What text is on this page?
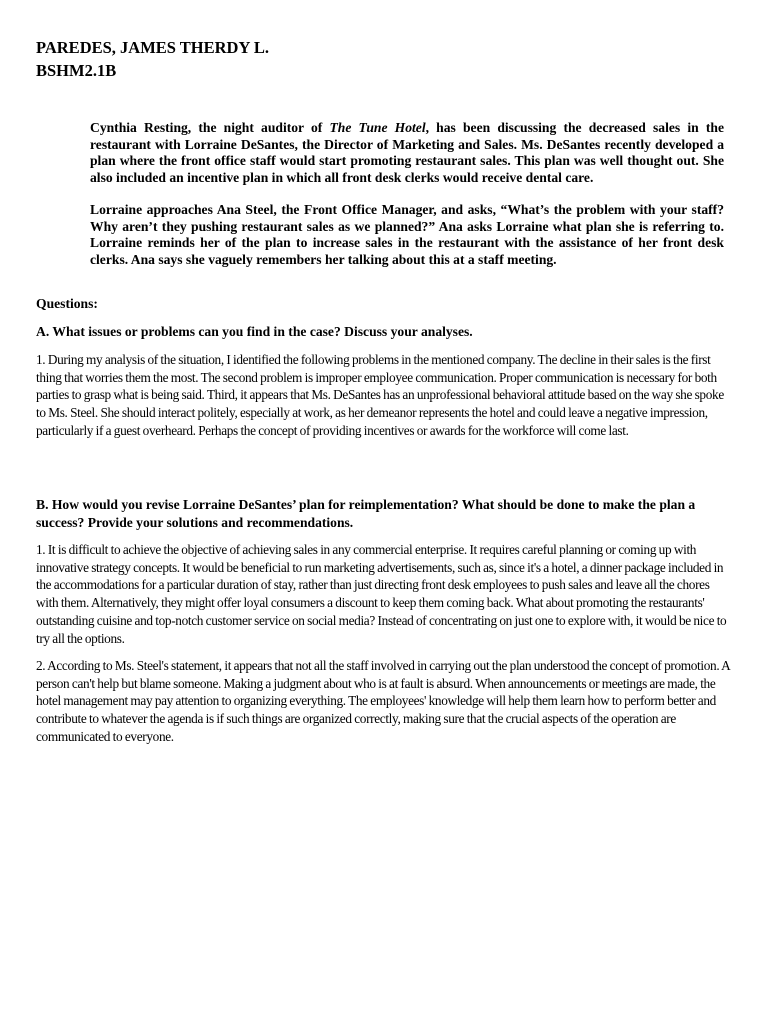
PAREDES, JAMES THERDY L.
BSHM2.1B

Cynthia Resting, the night auditor of The Tune Hotel, has been discussing the decreased sales in the restaurant with Lorraine DeSantes, the Director of Marketing and Sales. Ms. DeSantes recently developed a plan where the front office staff would start promoting restaurant sales. This plan was well thought out. She also included an incentive plan in which all front desk clerks would receive dental care.

Lorraine approaches Ana Steel, the Front Office Manager, and asks, “What’s the problem with your staff? Why aren’t they pushing restaurant sales as we planned?” Ana asks Lorraine what plan she is referring to. Lorraine reminds her of the plan to increase sales in the restaurant with the assistance of her front desk clerks. Ana says she vaguely remembers her talking about this at a staff meeting.

Questions:
A. What issues or problems can you find in the case? Discuss your analyses.

1. During my analysis of the situation, I identified the following problems in the mentioned company. The decline in their sales is the first thing that worries them the most. The second problem is improper employee communication. Proper communication is necessary for both parties to grasp what is being said. Third, it appears that Ms. DeSantes has an unprofessional behavioral attitude based on the way she spoke to Ms. Steel. She should interact politely, especially at work, as her demeanor represents the hotel and could leave a negative impression, particularly if a guest overheard. Perhaps the concept of providing incentives or awards for the workforce will come last.

B. How would you revise Lorraine DeSantes’ plan for reimplementation? What should be done to make the plan a success? Provide your solutions and recommendations.

1. It is difficult to achieve the objective of achieving sales in any commercial enterprise. It requires careful planning or coming up with innovative strategy concepts. It would be beneficial to run marketing advertisements, such as, since it's a hotel, a dinner package included in the accommodations for a particular duration of stay, rather than just directing front desk employees to push sales and leave all the chores with them. Alternatively, they might offer loyal consumers a discount to keep them coming back. What about promoting the restaurants' outstanding cuisine and top-notch customer service on social media? Instead of concentrating on just one to explore with, it would be nice to try all the options.

2. According to Ms. Steel's statement, it appears that not all the staff involved in carrying out the plan understood the concept of promotion. A person can't help but blame someone. Making a judgment about who is at fault is absurd. When announcements or meetings are made, the hotel management may pay attention to organizing everything. The employees' knowledge will help them learn how to perform better and contribute to whatever the agenda is if such things are organized correctly, making sure that the crucial aspects of the operation are communicated to everyone.
